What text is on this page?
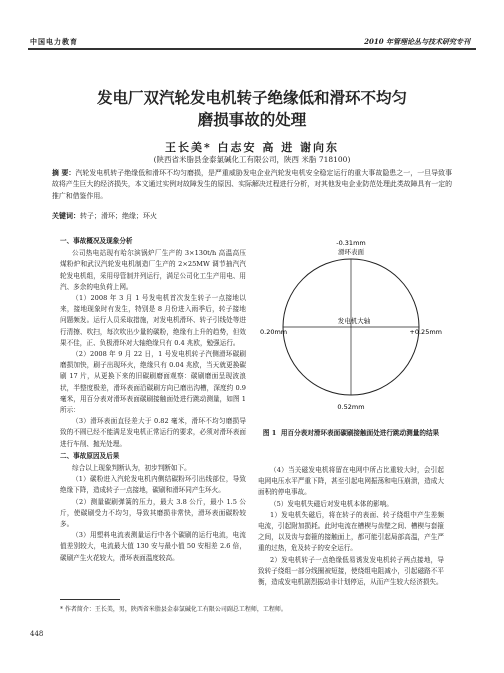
中国电力教育	2010 年管理论丛与技术研究专刊
发电厂双汽轮发电机转子绝缘低和滑环不均匀
磨损事故的处理
王长美* 白志安 高 进 谢向东
(陕西省米脂县金泰氯碱化工有限公司，陕西 米脂 718100)
摘 要：汽轮发电机转子绝缘低和滑环不均匀磨损，是严重威胁发电企业汽轮发电机安全稳定运行的重大事故隐患之一，一旦导致事故将产生巨大的经济损失，本文通过实例对故障发生的原因、实际解决过程进行分析，对其他发电企业防范处理此类故障具有一定的推广和借鉴作用。
关键词：转子；滑环；绝缘；环火

一、事故概况及现象分析

公司热电站现有哈尔滨锅炉厂生产的 3×130t/h 高温高压煤粉炉和武汉汽轮发电机制造厂生产的 2×25MW 调节抽汽汽轮发电机组，采用母管制并列运行，满足公司化工生产用电、用汽、多余的电负荷上网。

（1）2008 年 3 月 1 号发电机首次发生转子一点接地以来，接地现象时有发生，特别是 8 月份进入雨季后，转子接地问题频发。运行人员采取措施，对发电机滑环、转子引线处等进行清擦、吹扫，每次吹出少量的碳粉，绝缘有上升的趋势，但效果不佳，正、负极滑环对大轴绝缘只有 0.4 兆欧，勉强运行。

（2）2008 年 9 月 22 日，1 号发电机转子汽侧滑环碳刷磨损加快，刷子出现环火，绝缘只有 0.04 兆欧，当天就更换碳刷 17 片，从更换下来的旧碳刷磨面观察：碳刷磨面呈现波浪状，半整度极差，滑环表面沿碳刷方向已磨出沟槽，深度约 0.9 毫米，用百分表对滑环表面碳刷接触面处进行跳动测量，如图 1 所示：

（3）滑环表面直径差大于 0.82 毫米，滑环不均匀磨损导致的不圆已经不能满足发电机正常运行的要求，必须对滑环表面进行车削、抛光处理。

二、事故原因及后果

综合以上现象判断认为，初步判断如下。

（1）碳粉进入汽轮发电机内侧结碳粉环引出线部位，导致绝缘下降，造成转子一点接地，碳刷和滑环同产生环火。

（2）测量碳刷弹簧的压力，最大 3.8 公斤，最小 1.5 公斤，使碳刷受力不均匀，导致其磨损非常快，滑环表面碳粉较多。

（3）用塑料电流表测量运行中各个碳刷的运行电流，电流值差别较大，电流最大值 130 安与最小值 50 安相差 2.6 倍，碳刷产生火花较大，滑环表面温度较高。

-0.31mm
滑环表面
0.20mm
发电机大轴
+0.25mm
0.52mm
图 1 用百分表对滑环表面碳刷接触面处进行跳动测量的结果

（4）当关磁发电机将留在电网中所占比重较大时，会引起电网电压水平严重下降，甚至引起电网振荡和电压崩溃，造成大面积的停电事故。

（5）发电机失磁后对发电机本体的影响。

1）发电机失磁后，将在转子的表面、转子绕组中产生差频电流，引起附加损耗。此时电流在槽楔与齿壁之间、槽楔与套箍之间，以及齿与套箍的接触面上，都可能引起局部高温，产生严重的过热，危及转子的安全运行。

2）发电机转子一点绝缘低易诱发发电机转子两点接地，导致转子绕组一部分线圈被短接，使绕组电阻减小，引起磁路不平衡，造成发电机剧烈振动非计划停运，从而产生较大经济损失。

* 作者简介：王长美，男，陕西省米脂县金泰氯碱化工有限公司副总工程师，工程师。
448
